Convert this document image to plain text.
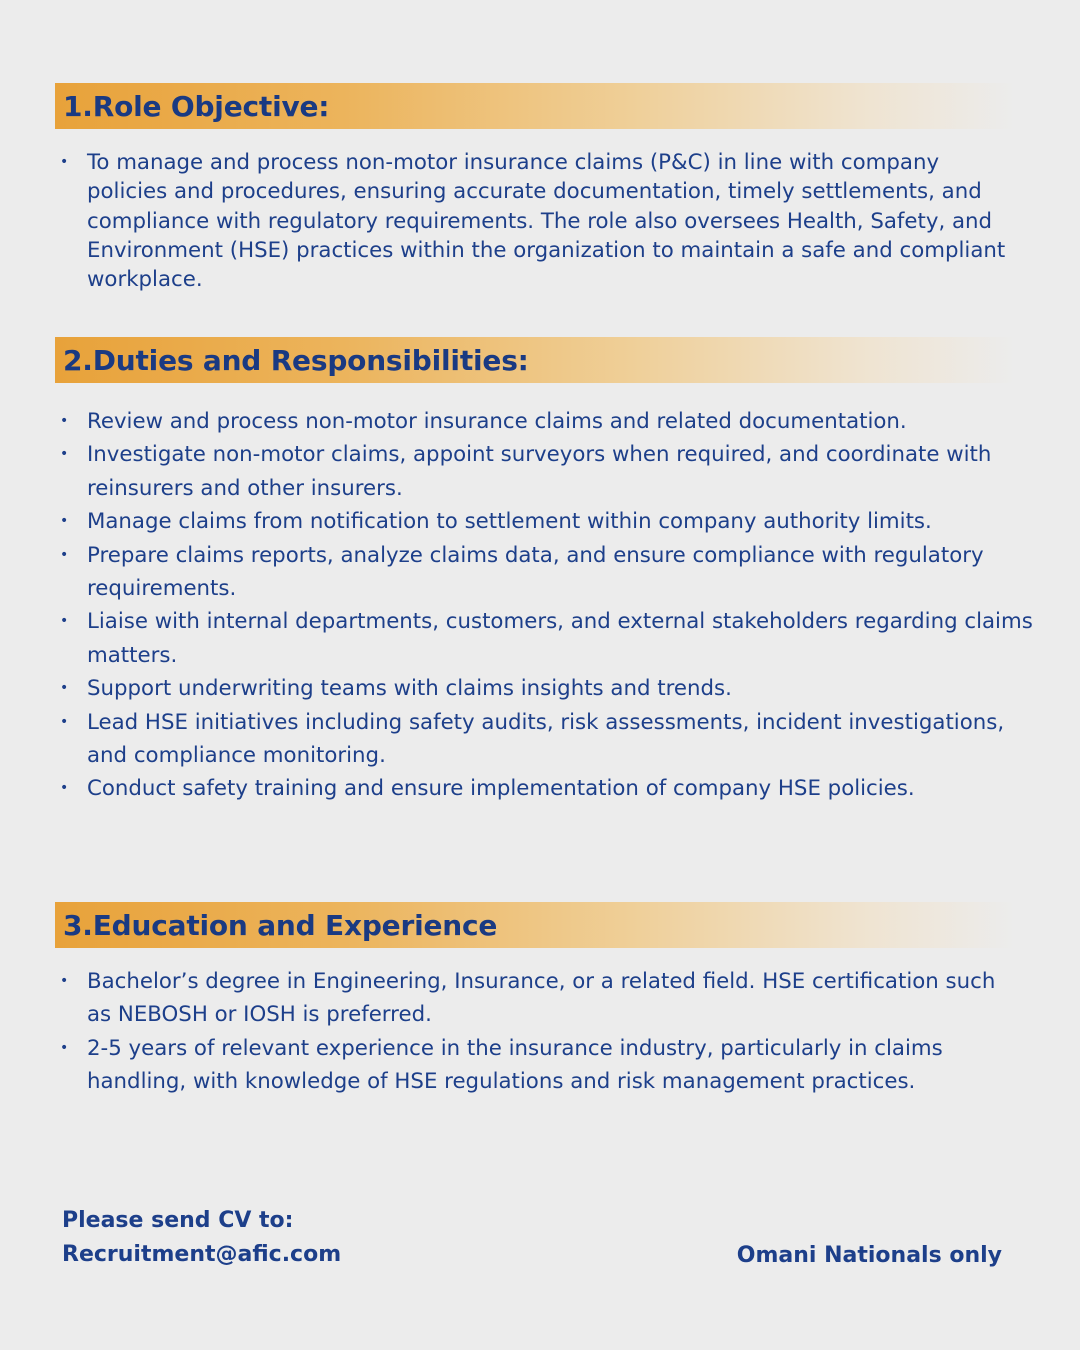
1.Role Objective:
• To manage and process non-motor insurance claims (P&C) in line with company policies and procedures, ensuring accurate documentation, timely settlements, and compliance with regulatory requirements. The role also oversees Health, Safety, and Environment (HSE) practices within the organization to maintain a safe and compliant workplace.
2.Duties and Responsibilities:
• Review and process non-motor insurance claims and related documentation.
• Investigate non-motor claims, appoint surveyors when required, and coordinate with reinsurers and other insurers.
• Manage claims from notification to settlement within company authority limits.
• Prepare claims reports, analyze claims data, and ensure compliance with regulatory requirements.
• Liaise with internal departments, customers, and external stakeholders regarding claims matters.
• Support underwriting teams with claims insights and trends.
• Lead HSE initiatives including safety audits, risk assessments, incident investigations, and compliance monitoring.
• Conduct safety training and ensure implementation of company HSE policies.
3.Education and Experience
• Bachelor’s degree in Engineering, Insurance, or a related field. HSE certification such as NEBOSH or IOSH is preferred.
• 2-5 years of relevant experience in the insurance industry, particularly in claims handling, with knowledge of HSE regulations and risk management practices.
Please send CV to:
Recruitment@afic.com	Omani Nationals only
